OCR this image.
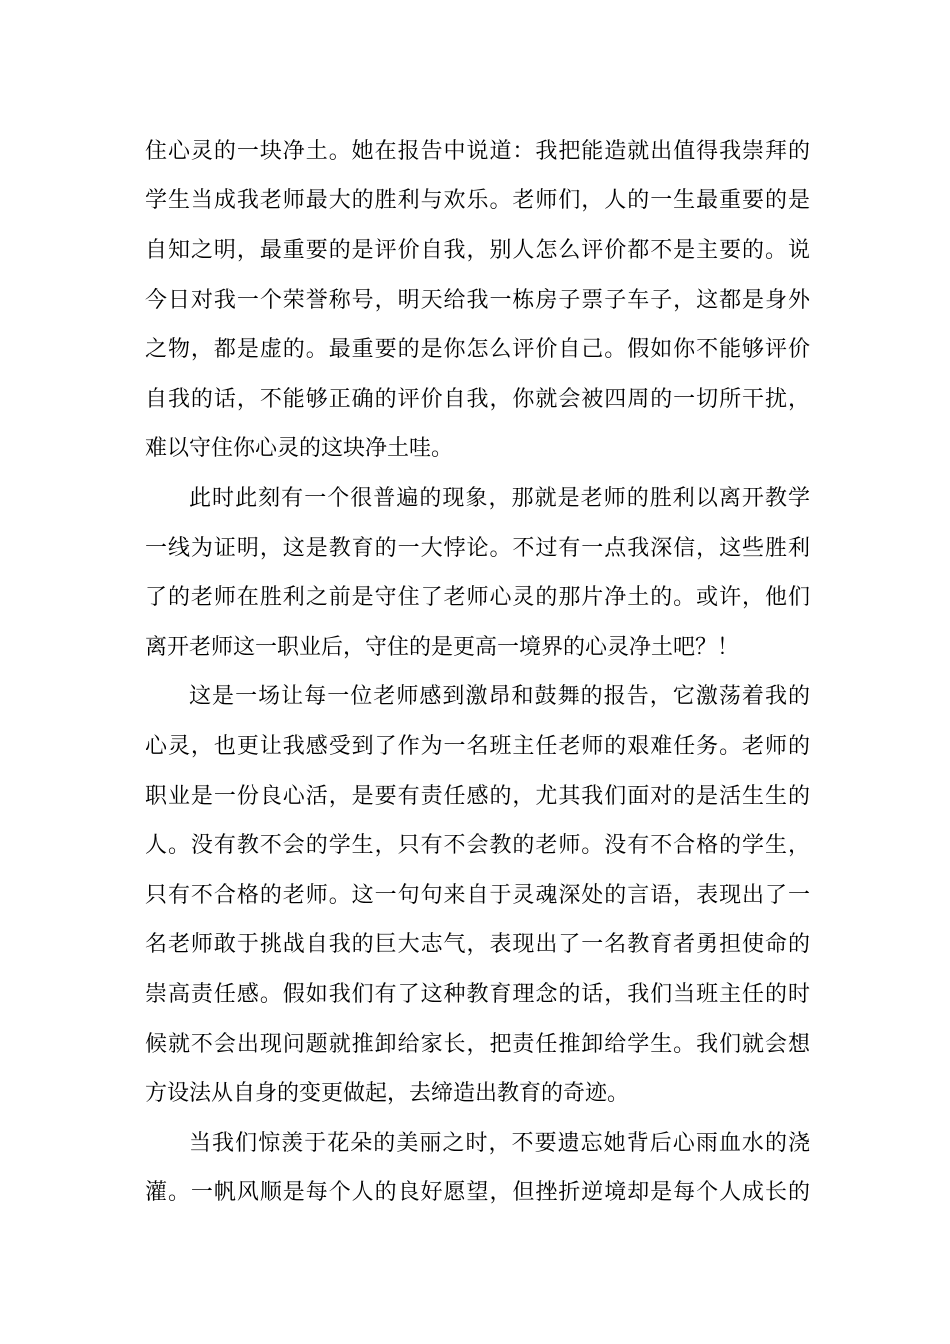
住心灵的一块净土。她在报告中说道：我把能造就出值得我崇拜的
学生当成我老师最大的胜利与欢乐。老师们，人的一生最重要的是
自知之明，最重要的是评价自我，别人怎么评价都不是主要的。说
今日对我一个荣誉称号，明天给我一栋房子票子车子，这都是身外
之物，都是虚的。最重要的是你怎么评价自己。假如你不能够评价
自我的话，不能够正确的评价自我，你就会被四周的一切所干扰，
难以守住你心灵的这块净土哇。
此时此刻有一个很普遍的现象，那就是老师的胜利以离开教学
一线为证明，这是教育的一大悖论。不过有一点我深信，这些胜利
了的老师在胜利之前是守住了老师心灵的那片净土的。或许，他们
离开老师这一职业后，守住的是更高一境界的心灵净土吧？！
这是一场让每一位老师感到激昂和鼓舞的报告，它激荡着我的
心灵，也更让我感受到了作为一名班主任老师的艰难任务。老师的
职业是一份良心活，是要有责任感的，尤其我们面对的是活生生的
人。没有教不会的学生，只有不会教的老师。没有不合格的学生，
只有不合格的老师。这一句句来自于灵魂深处的言语，表现出了一
名老师敢于挑战自我的巨大志气，表现出了一名教育者勇担使命的
崇高责任感。假如我们有了这种教育理念的话，我们当班主任的时
候就不会出现问题就推卸给家长，把责任推卸给学生。我们就会想
方设法从自身的变更做起，去缔造出教育的奇迹。
当我们惊羡于花朵的美丽之时，不要遗忘她背后心雨血水的浇
灌。一帆风顺是每个人的良好愿望，但挫折逆境却是每个人成长的
